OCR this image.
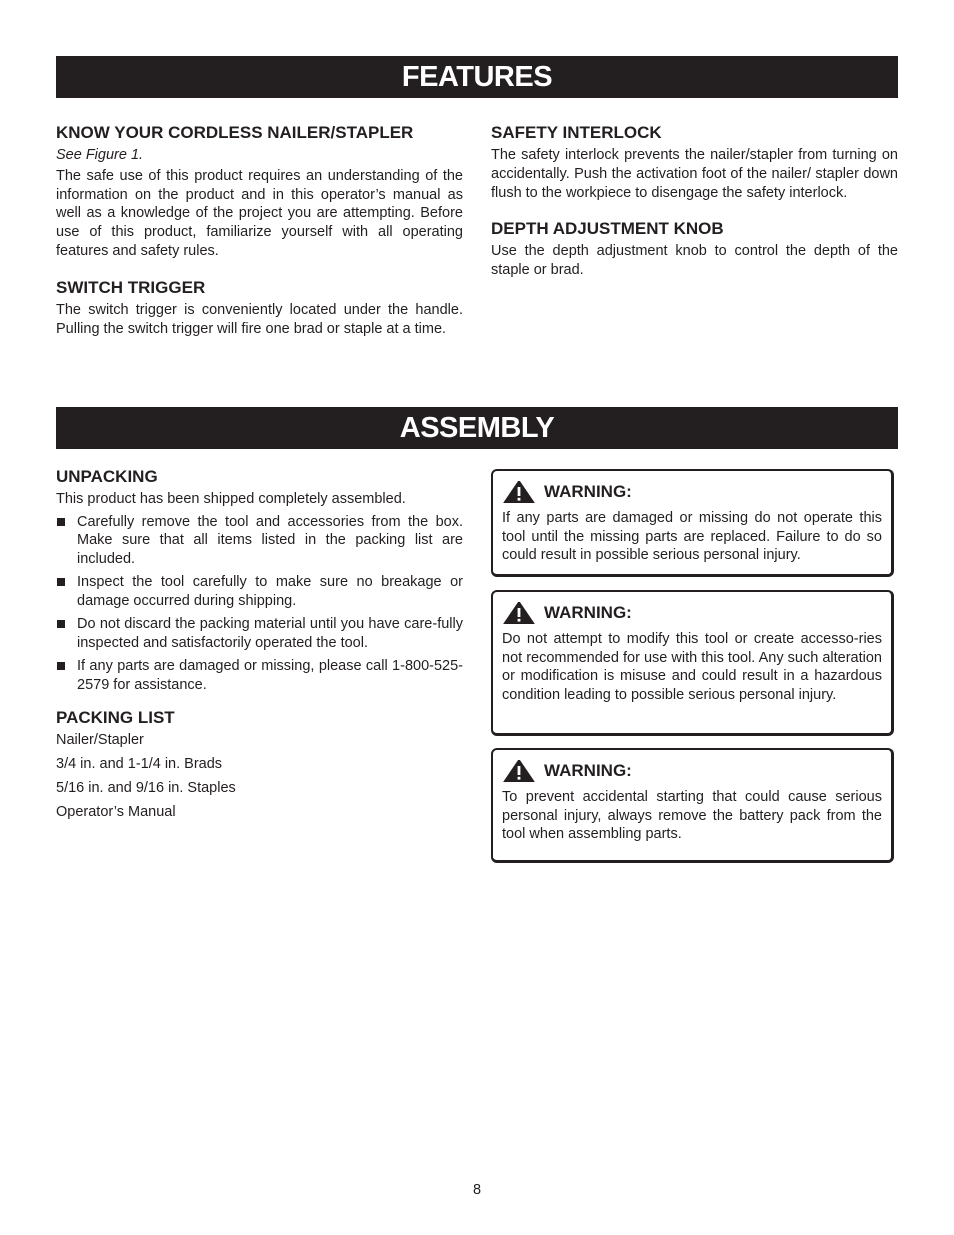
FEATURES
KNOW YOUR CORDLESS NAILER/STAPLER

See Figure 1.

The safe use of this product requires an understanding of the information on the product and in this operator’s manual as well as a knowledge of the project you are attempting. Before use of this product, familiarize yourself with all operating features and safety rules.

SWITCH TRIGGER

The switch trigger is conveniently located under the handle. Pulling the switch trigger will fire one brad or staple at a time.

SAFETY INTERLOCK

The safety interlock prevents the nailer/stapler from turning on accidentally. Push the activation foot of the nailer/ stapler down flush to the workpiece to disengage the safety interlock.

DEPTH ADJUSTMENT KNOB

Use the depth adjustment knob to control the depth of the staple or brad.

ASSEMBLY
UNPACKING

This product has been shipped completely assembled.

Carefully remove the tool and accessories from the box. Make sure that all items listed in the packing list are included.
Inspect the tool carefully to make sure no breakage or damage occurred during shipping.
Do not discard the packing material until you have care-fully inspected and satisfactorily operated the tool.
If any parts are damaged or missing, please call 1-800-525-2579 for assistance.
PACKING LIST

Nailer/Stapler

3/4 in. and 1-1/4 in. Brads

5/16 in. and 9/16 in. Staples

Operator’s Manual

WARNING:

If any parts are damaged or missing do not operate this tool until the missing parts are replaced. Failure to do so could result in possible serious personal injury.

WARNING:

Do not attempt to modify this tool or create accesso-ries not recommended for use with this tool. Any such alteration or modification is misuse and could result in a hazardous condition leading to possible serious personal injury.

WARNING:

To prevent accidental starting that could cause serious personal injury, always remove the battery pack from the tool when assembling parts.

8
